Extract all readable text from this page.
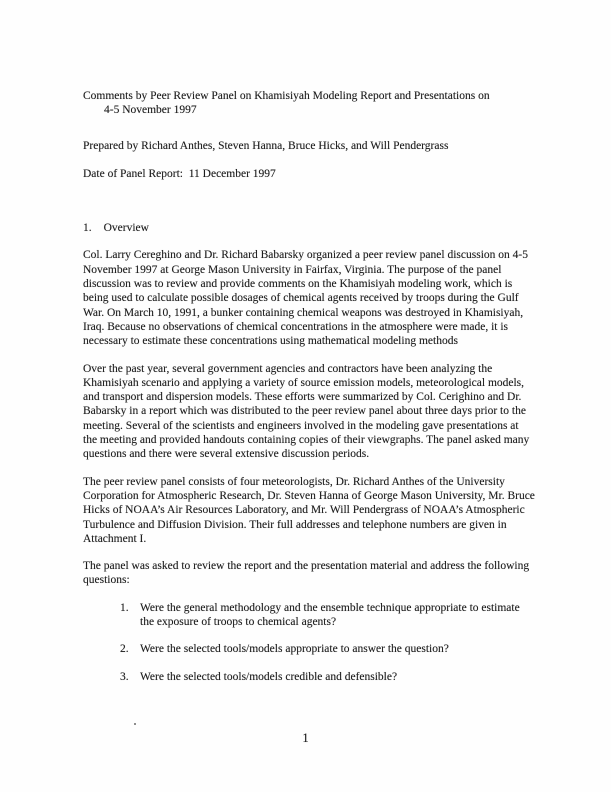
Comments by Peer Review Panel on Khamisiyah Modeling Report and Presentations on
4-5 November 1997

Prepared by Richard Anthes, Steven Hanna, Bruce Hicks, and Will Pendergrass

Date of Panel Report:  11 December 1997

1. Overview

Col. Larry Cereghino and Dr. Richard Babarsky organized a peer review panel discussion on 4-5 November 1997 at George Mason University in Fairfax, Virginia. The purpose of the panel discussion was to review and provide comments on the Khamisiyah modeling work, which is being used to calculate possible dosages of chemical agents received by troops during the Gulf War. On March 10, 1991, a bunker containing chemical weapons was destroyed in Khamisiyah, Iraq. Because no observations of chemical concentrations in the atmosphere were made, it is necessary to estimate these concentrations using mathematical modeling methods

Over the past year, several government agencies and contractors have been analyzing the Khamisiyah scenario and applying a variety of source emission models, meteorological models, and transport and dispersion models. These efforts were summarized by Col. Cerighino and Dr. Babarsky in a report which was distributed to the peer review panel about three days prior to the meeting. Several of the scientists and engineers involved in the modeling gave presentations at the meeting and provided handouts containing copies of their viewgraphs. The panel asked many questions and there were several extensive discussion periods.

The peer review panel consists of four meteorologists, Dr. Richard Anthes of the University Corporation for Atmospheric Research, Dr. Steven Hanna of George Mason University, Mr. Bruce Hicks of NOAA’s Air Resources Laboratory, and Mr. Will Pendergrass of NOAA’s Atmospheric Turbulence and Diffusion Division. Their full addresses and telephone numbers are given in Attachment I.

The panel was asked to review the report and the presentation material and address the following questions:

1. Were the general methodology and the ensemble technique appropriate to estimate the exposure of troops to chemical agents?
2. Were the selected tools/models appropriate to answer the question?
3. Were the selected tools/models credible and defensible?
1
